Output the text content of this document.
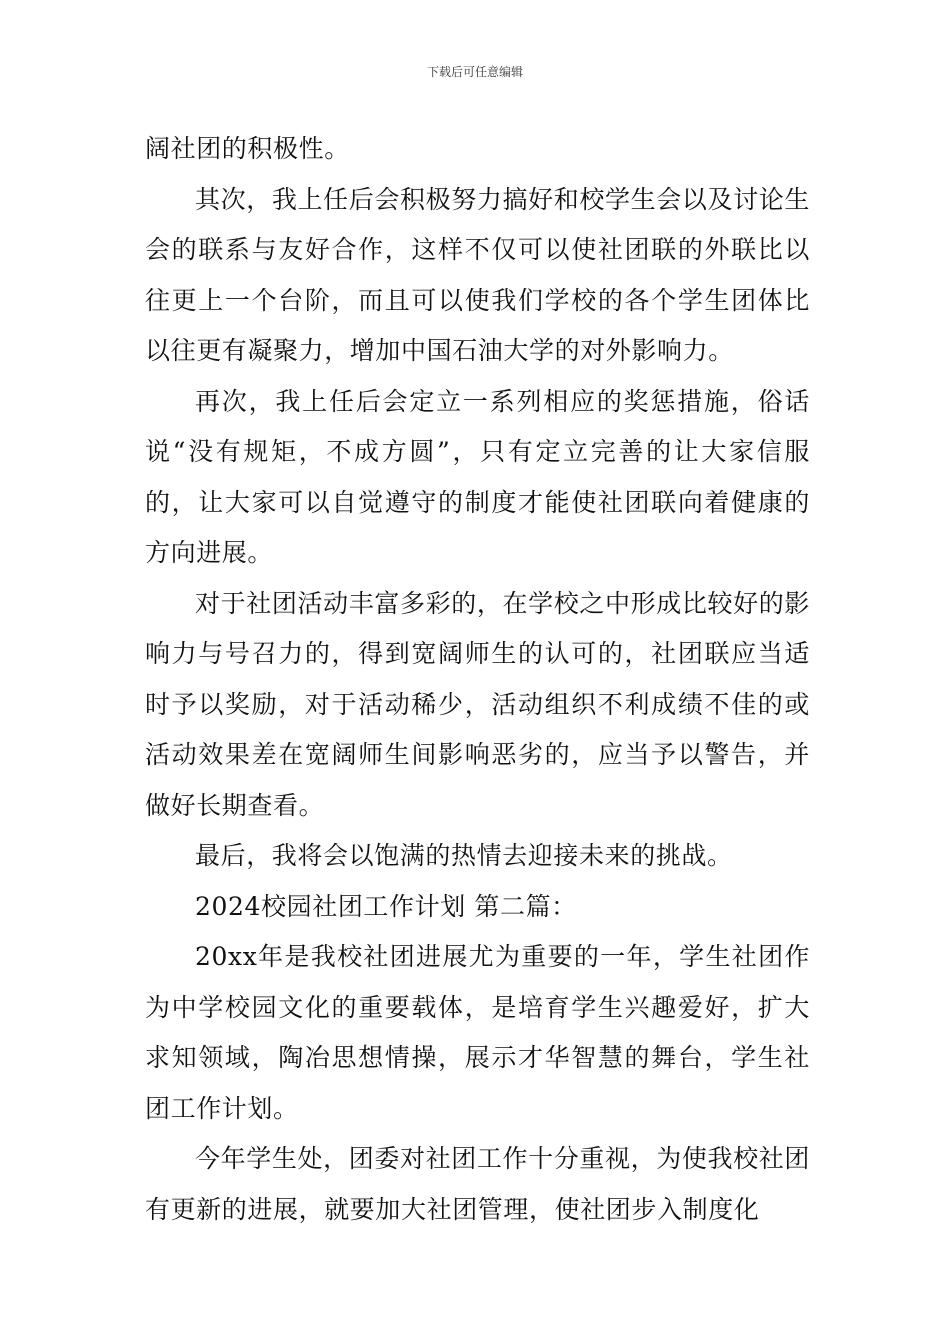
下载后可任意编辑

阔社团的积极性。

其次，我上任后会积极努力搞好和校学生会以及讨论生会的联系与友好合作，这样不仅可以使社团联的外联比以往更上一个台阶，而且可以使我们学校的各个学生团体比以往更有凝聚力，增加中国石油大学的对外影响力。

再次，我上任后会定立一系列相应的奖惩措施，俗话说“没有规矩，不成方圆”，只有定立完善的让大家信服的，让大家可以自觉遵守的制度才能使社团联向着健康的方向进展。

对于社团活动丰富多彩的，在学校之中形成比较好的影响力与号召力的，得到宽阔师生的认可的，社团联应当适时予以奖励，对于活动稀少，活动组织不利成绩不佳的或活动效果差在宽阔师生间影响恶劣的，应当予以警告，并做好长期查看。

最后，我将会以饱满的热情去迎接未来的挑战。

2024校园社团工作计划 第二篇：

20xx年是我校社团进展尤为重要的一年，学生社团作为中学校园文化的重要载体，是培育学生兴趣爱好，扩大求知领域，陶冶思想情操，展示才华智慧的舞台，学生社团工作计划。

今年学生处，团委对社团工作十分重视，为使我校社团有更新的进展，就要加大社团管理，使社团步入制度化
